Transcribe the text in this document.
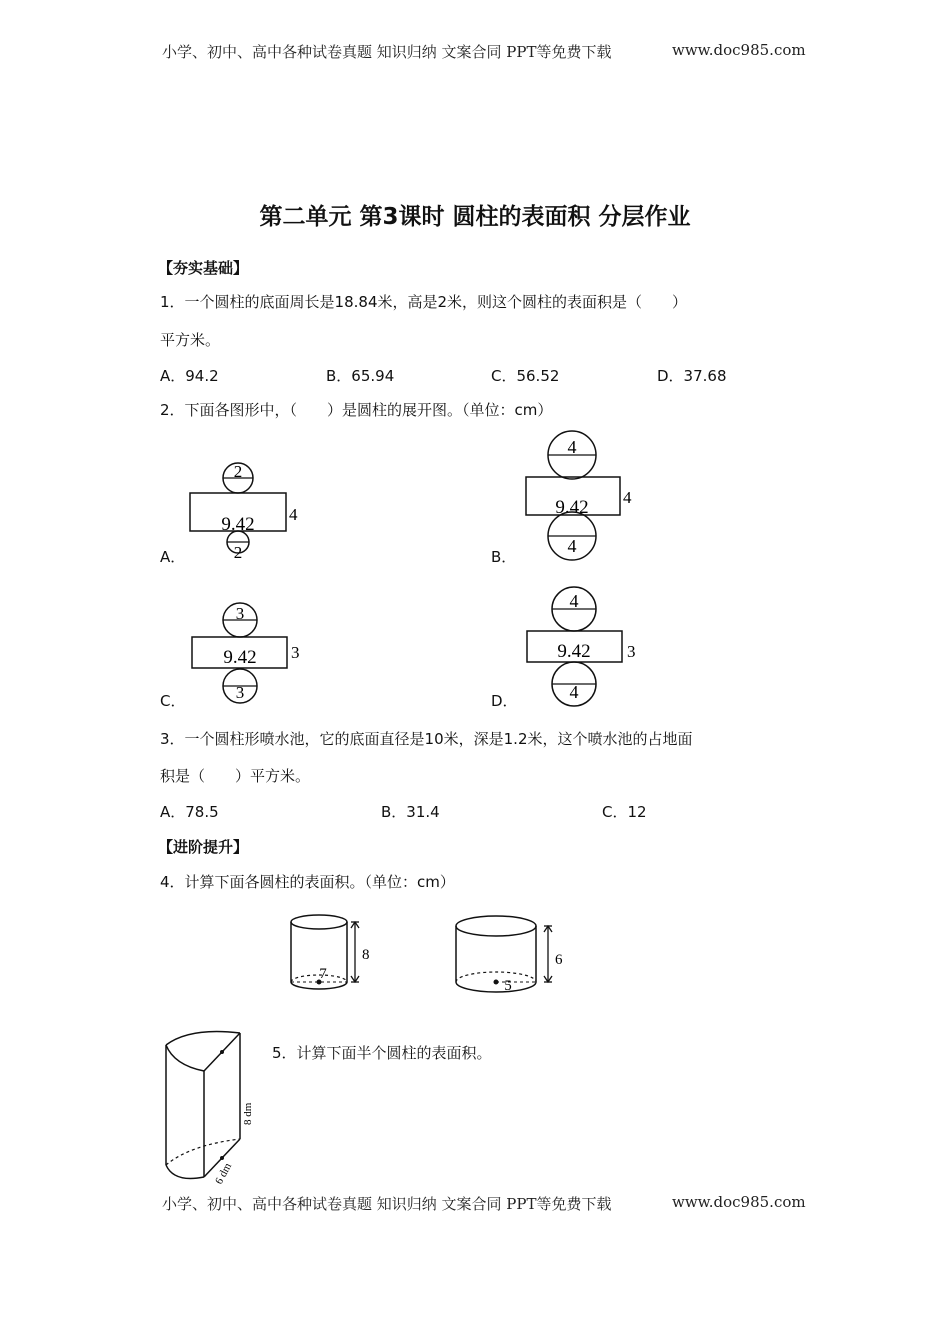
小学、初中、高中各种试卷真题 知识归纳 文案合同 PPT等免费下载	www.doc985.com
第二单元 第3课时 圆柱的表面积 分层作业
【夯实基础】
1．一个圆柱的底面周长是18.84米，高是2米，则这个圆柱的表面积是（　　）
平方米。
A．94.2	B．65.94	C．56.52	D．37.68
2．下面各图形中，（　　）是圆柱的展开图。（单位：cm）
2
9.42 4
2
A．
4
9.42 4
4
B．
3
9.42 3
3
C．
4
9.42 3
4
D．
3．一个圆柱形喷水池，它的底面直径是10米，深是1.2米，这个喷水池的占地面
积是（　　）平方米。
A．78.5	B．31.4	C．12
【进阶提升】
4．计算下面各圆柱的表面积。（单位：cm）
7
8
5
6
8 dm
6 dm
5．计算下面半个圆柱的表面积。
小学、初中、高中各种试卷真题 知识归纳 文案合同 PPT等免费下载	www.doc985.com
